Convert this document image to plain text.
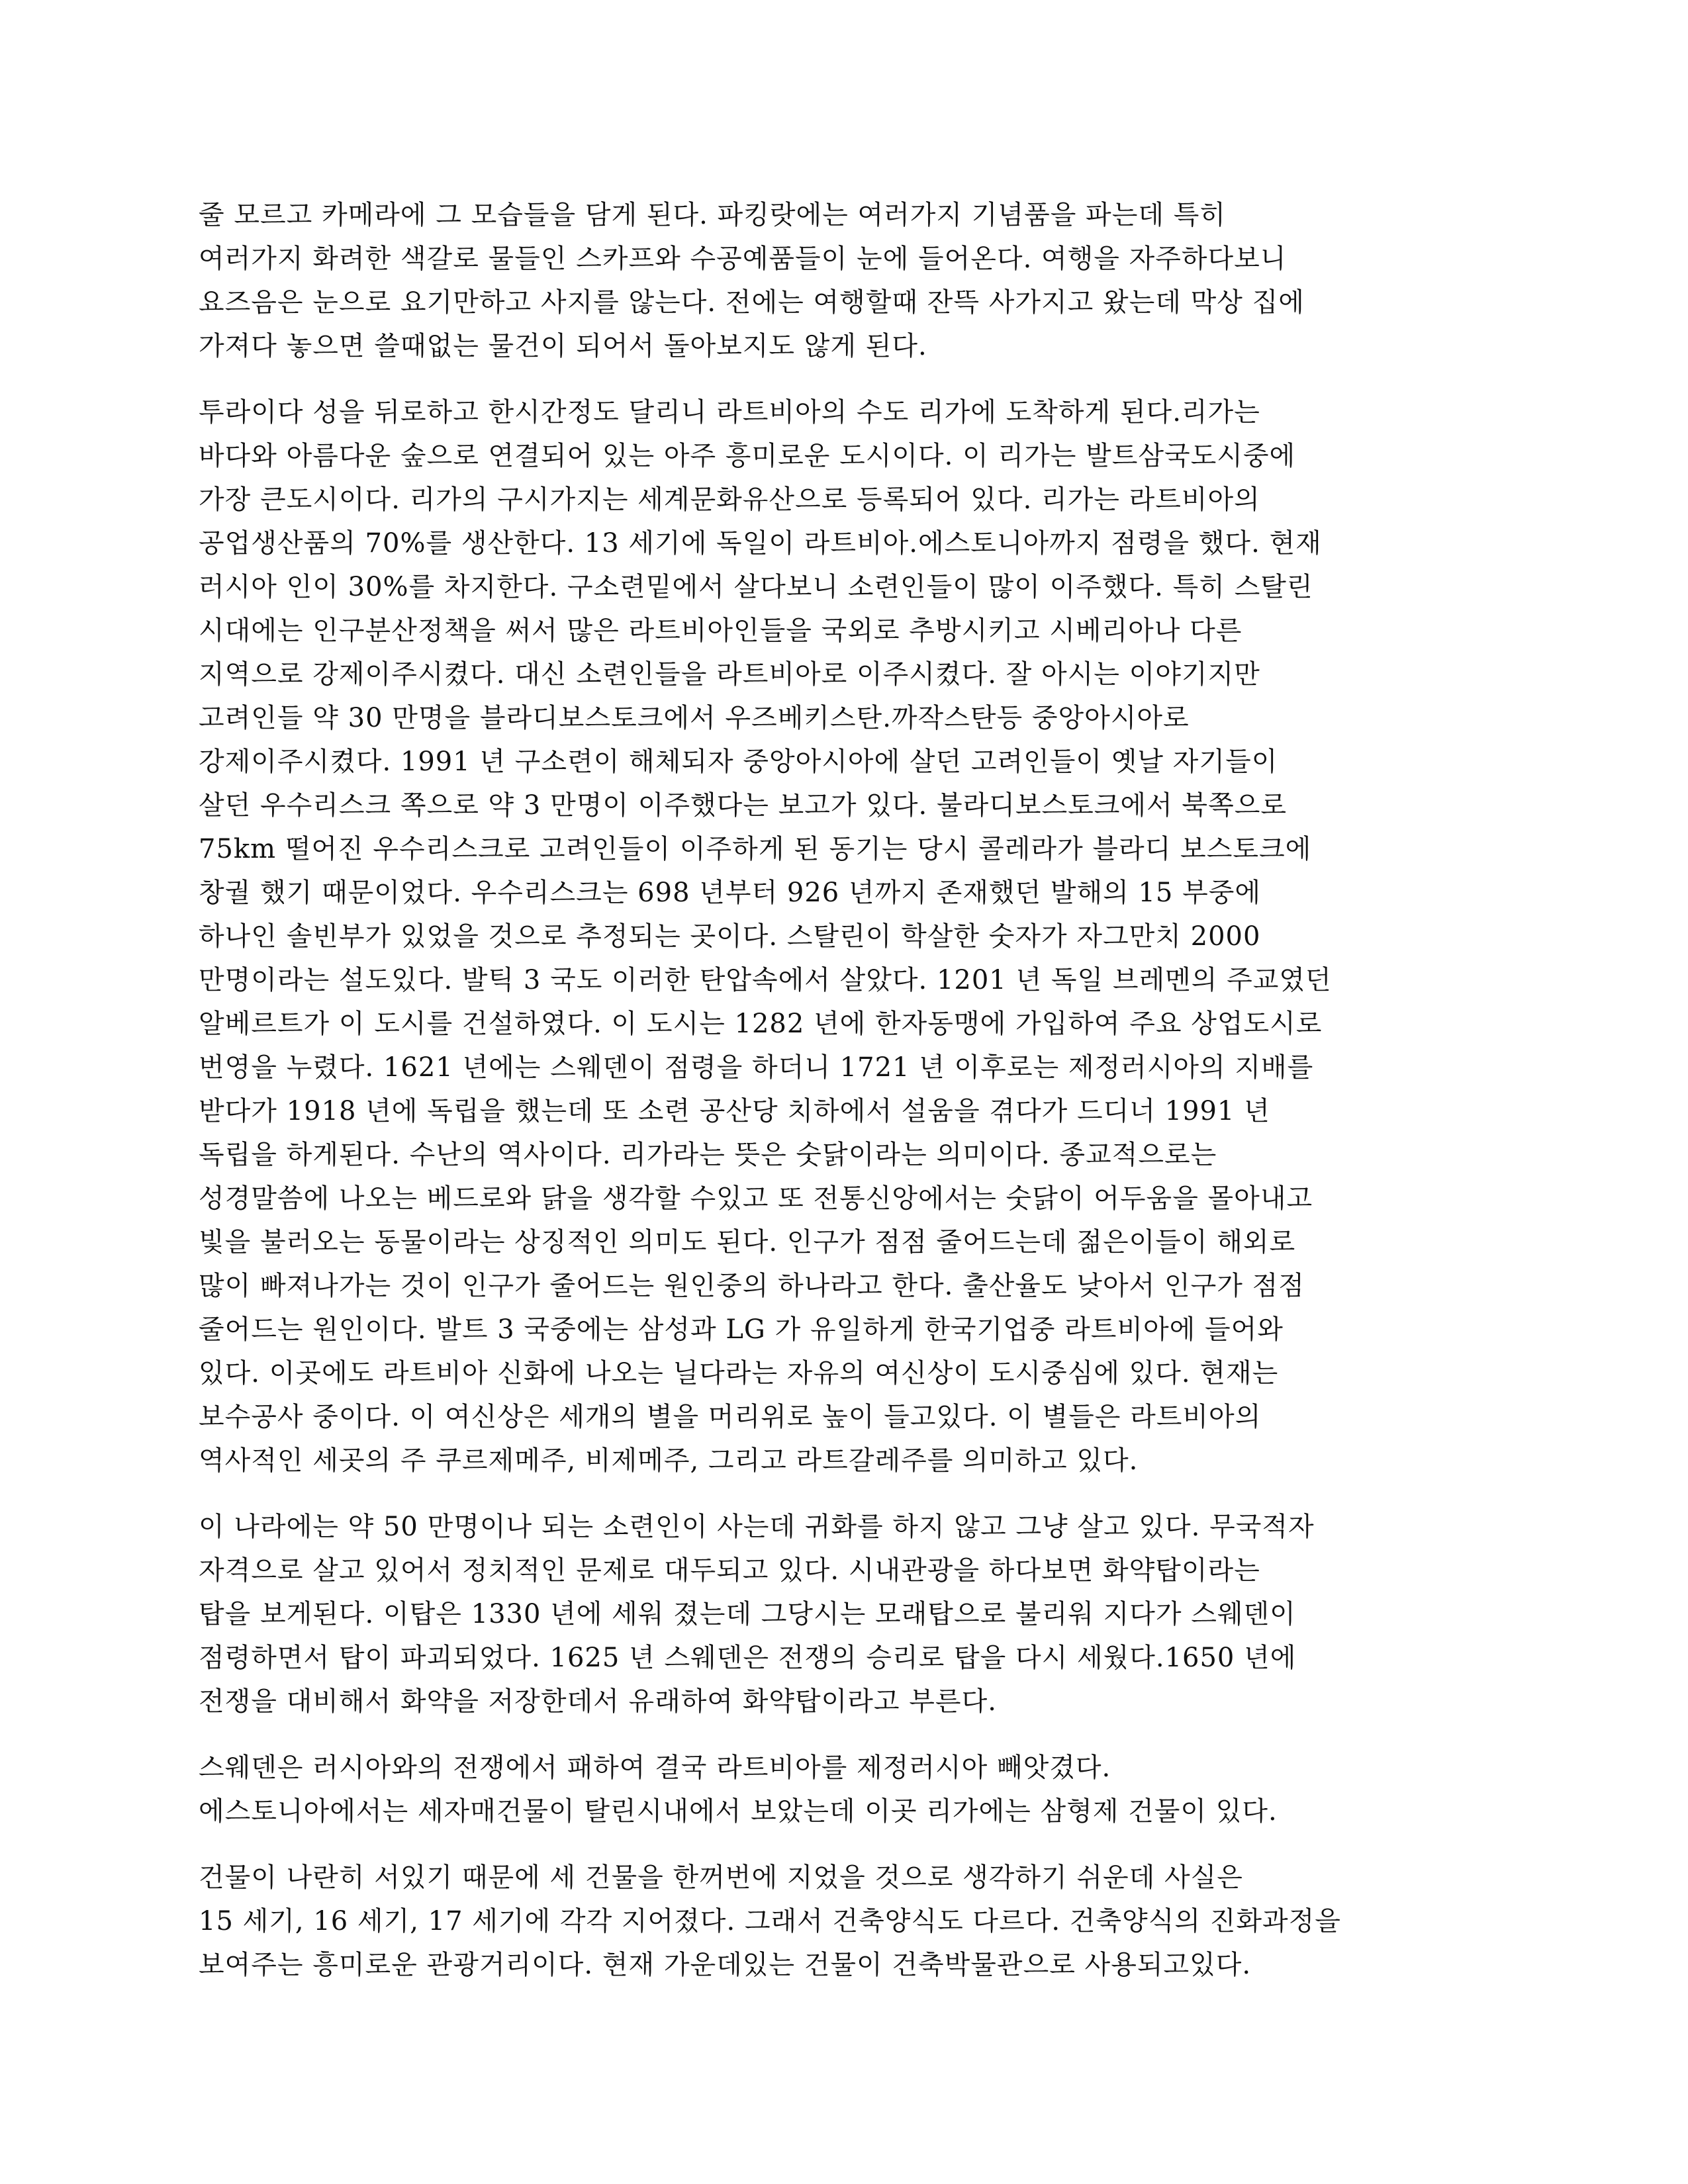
줄 모르고 카메라에 그 모습들을 담게 된다. 파킹랏에는 여러가지 기념품을 파는데 특히
여러가지 화려한 색갈로 물들인 스카프와 수공예품들이 눈에 들어온다. 여행을 자주하다보니
요즈음은 눈으로 요기만하고 사지를 않는다. 전에는 여행할때 잔뜩 사가지고 왔는데 막상 집에
가져다 놓으면 쓸때없는 물건이 되어서 돌아보지도 않게 된다.
투라이다 성을 뒤로하고 한시간정도 달리니 라트비아의 수도 리가에 도착하게 된다.리가는
바다와 아름다운 숲으로 연결되어 있는 아주 흥미로운 도시이다. 이 리가는 발트삼국도시중에
가장 큰도시이다. 리가의 구시가지는 세계문화유산으로 등록되어 있다. 리가는 라트비아의
공업생산품의 70%를 생산한다. 13 세기에 독일이 라트비아.에스토니아까지 점령을 했다. 현재
러시아 인이 30%를 차지한다. 구소련밑에서 살다보니 소련인들이 많이 이주했다. 특히 스탈린
시대에는 인구분산정책을 써서 많은 라트비아인들을 국외로 추방시키고 시베리아나 다른
지역으로 강제이주시켰다. 대신 소련인들을 라트비아로 이주시켰다. 잘 아시는 이야기지만
고려인들 약 30 만명을 블라디보스토크에서 우즈베키스탄.까작스탄등 중앙아시아로
강제이주시켰다. 1991 년 구소련이 해체되자 중앙아시아에 살던 고려인들이 옛날 자기들이
살던 우수리스크 쪽으로 약 3 만명이 이주했다는 보고가 있다. 불라디보스토크에서 북쪽으로
75km 떨어진 우수리스크로 고려인들이 이주하게 된 동기는 당시 콜레라가 블라디 보스토크에
창궐 했기 때문이었다. 우수리스크는 698 년부터 926 년까지 존재했던 발해의 15 부중에
하나인 솔빈부가 있었을 것으로 추정되는 곳이다. 스탈린이 학살한 숫자가 자그만치 2000
만명이라는 설도있다. 발틱 3 국도 이러한 탄압속에서 살았다. 1201 년 독일 브레멘의 주교였던
알베르트가 이 도시를 건설하였다. 이 도시는 1282 년에 한자동맹에 가입하여 주요 상업도시로
번영을 누렸다. 1621 년에는 스웨덴이 점령을 하더니 1721 년 이후로는 제정러시아의 지배를
받다가 1918 년에 독립을 했는데 또 소련 공산당 치하에서 설움을 겪다가 드디너 1991 년
독립을 하게된다. 수난의 역사이다. 리가라는 뜻은 숫닭이라는 의미이다. 종교적으로는
성경말씀에 나오는 베드로와 닭을 생각할 수있고 또 전통신앙에서는 숫닭이 어두움을 몰아내고
빛을 불러오는 동물이라는 상징적인 의미도 된다. 인구가 점점 줄어드는데 젊은이들이 해외로
많이 빠져나가는 것이 인구가 줄어드는 원인중의 하나라고 한다. 출산율도 낮아서 인구가 점점
줄어드는 원인이다. 발트 3 국중에는 삼성과 LG 가 유일하게 한국기업중 라트비아에 들어와
있다. 이곳에도 라트비아 신화에 나오는 닐다라는 자유의 여신상이 도시중심에 있다. 현재는
보수공사 중이다. 이 여신상은 세개의 별을 머리위로 높이 들고있다. 이 별들은 라트비아의
역사적인 세곳의 주 쿠르제메주, 비제메주, 그리고 라트갈레주를 의미하고 있다.
이 나라에는 약 50 만명이나 되는 소련인이 사는데 귀화를 하지 않고 그냥 살고 있다. 무국적자
자격으로 살고 있어서 정치적인 문제로 대두되고 있다. 시내관광을 하다보면 화약탑이라는
탑을 보게된다. 이탑은 1330 년에 세워 졌는데 그당시는 모래탑으로 불리워 지다가 스웨덴이
점령하면서 탑이 파괴되었다. 1625 년 스웨덴은 전쟁의 승리로 탑을 다시 세웠다.1650 년에
전쟁을 대비해서 화약을 저장한데서 유래하여 화약탑이라고 부른다.
스웨덴은 러시아와의 전쟁에서 패하여 결국 라트비아를 제정러시아 빼앗겼다.
에스토니아에서는 세자매건물이 탈린시내에서 보았는데 이곳 리가에는 삼형제 건물이 있다.
건물이 나란히 서있기 때문에 세 건물을 한꺼번에 지었을 것으로 생각하기 쉬운데 사실은
15 세기, 16 세기, 17 세기에 각각 지어졌다. 그래서 건축양식도 다르다. 건축양식의 진화과정을
보여주는 흥미로운 관광거리이다. 현재 가운데있는 건물이 건축박물관으로 사용되고있다.
